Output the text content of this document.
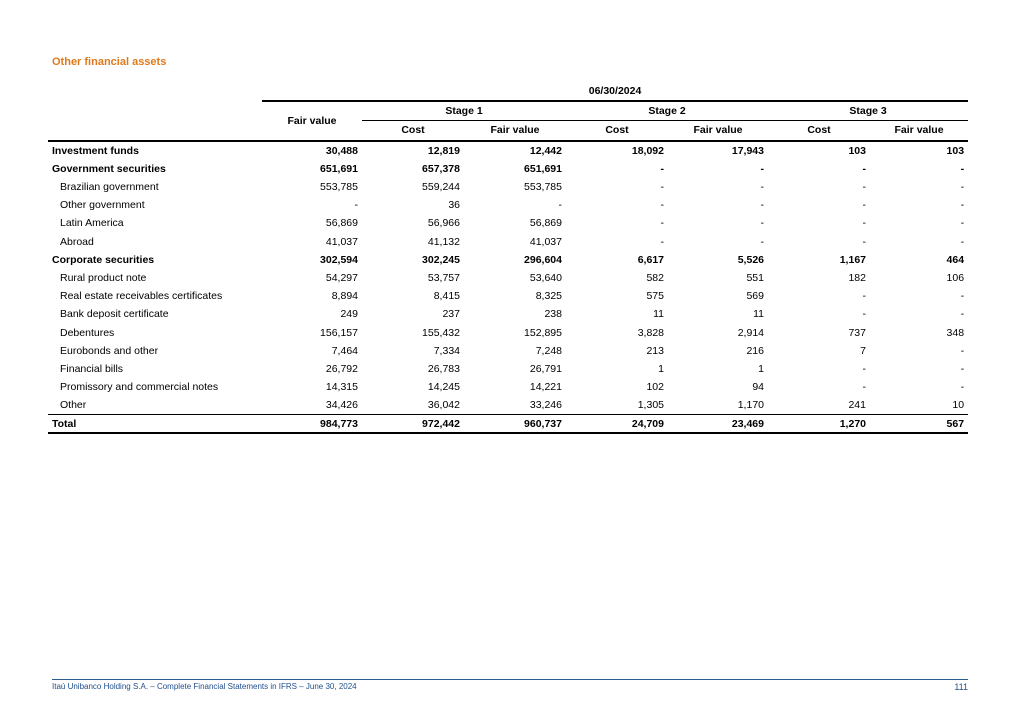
Other financial assets
	06/30/2024						
	Fair value	Stage 1		Stage 2		Stage 3	
		Cost	Fair value	Cost	Fair value	Cost	Fair value
Investment funds	30,488	12,819	12,442	18,092	17,943	103	103
Government securities	651,691	657,378	651,691	-	-	-	-
Brazilian government	553,785	559,244	553,785	-	-	-	-
Other government	-	36	-	-	-	-	-
Latin America	56,869	56,966	56,869	-	-	-	-
Abroad	41,037	41,132	41,037	-	-	-	-
Corporate securities	302,594	302,245	296,604	6,617	5,526	1,167	464
Rural product note	54,297	53,757	53,640	582	551	182	106
Real estate receivables certificates	8,894	8,415	8,325	575	569	-	-
Bank deposit certificate	249	237	238	11	11	-	-
Debentures	156,157	155,432	152,895	3,828	2,914	737	348
Eurobonds and other	7,464	7,334	7,248	213	216	7	-
Financial bills	26,792	26,783	26,791	1	1	-	-
Promissory and commercial notes	14,315	14,245	14,221	102	94	-	-
Other	34,426	36,042	33,246	1,305	1,170	241	10
Total	984,773	972,442	960,737	24,709	23,469	1,270	567
Itaú Unibanco Holding S.A. – Complete Financial Statements in IFRS – June 30, 2024	111
